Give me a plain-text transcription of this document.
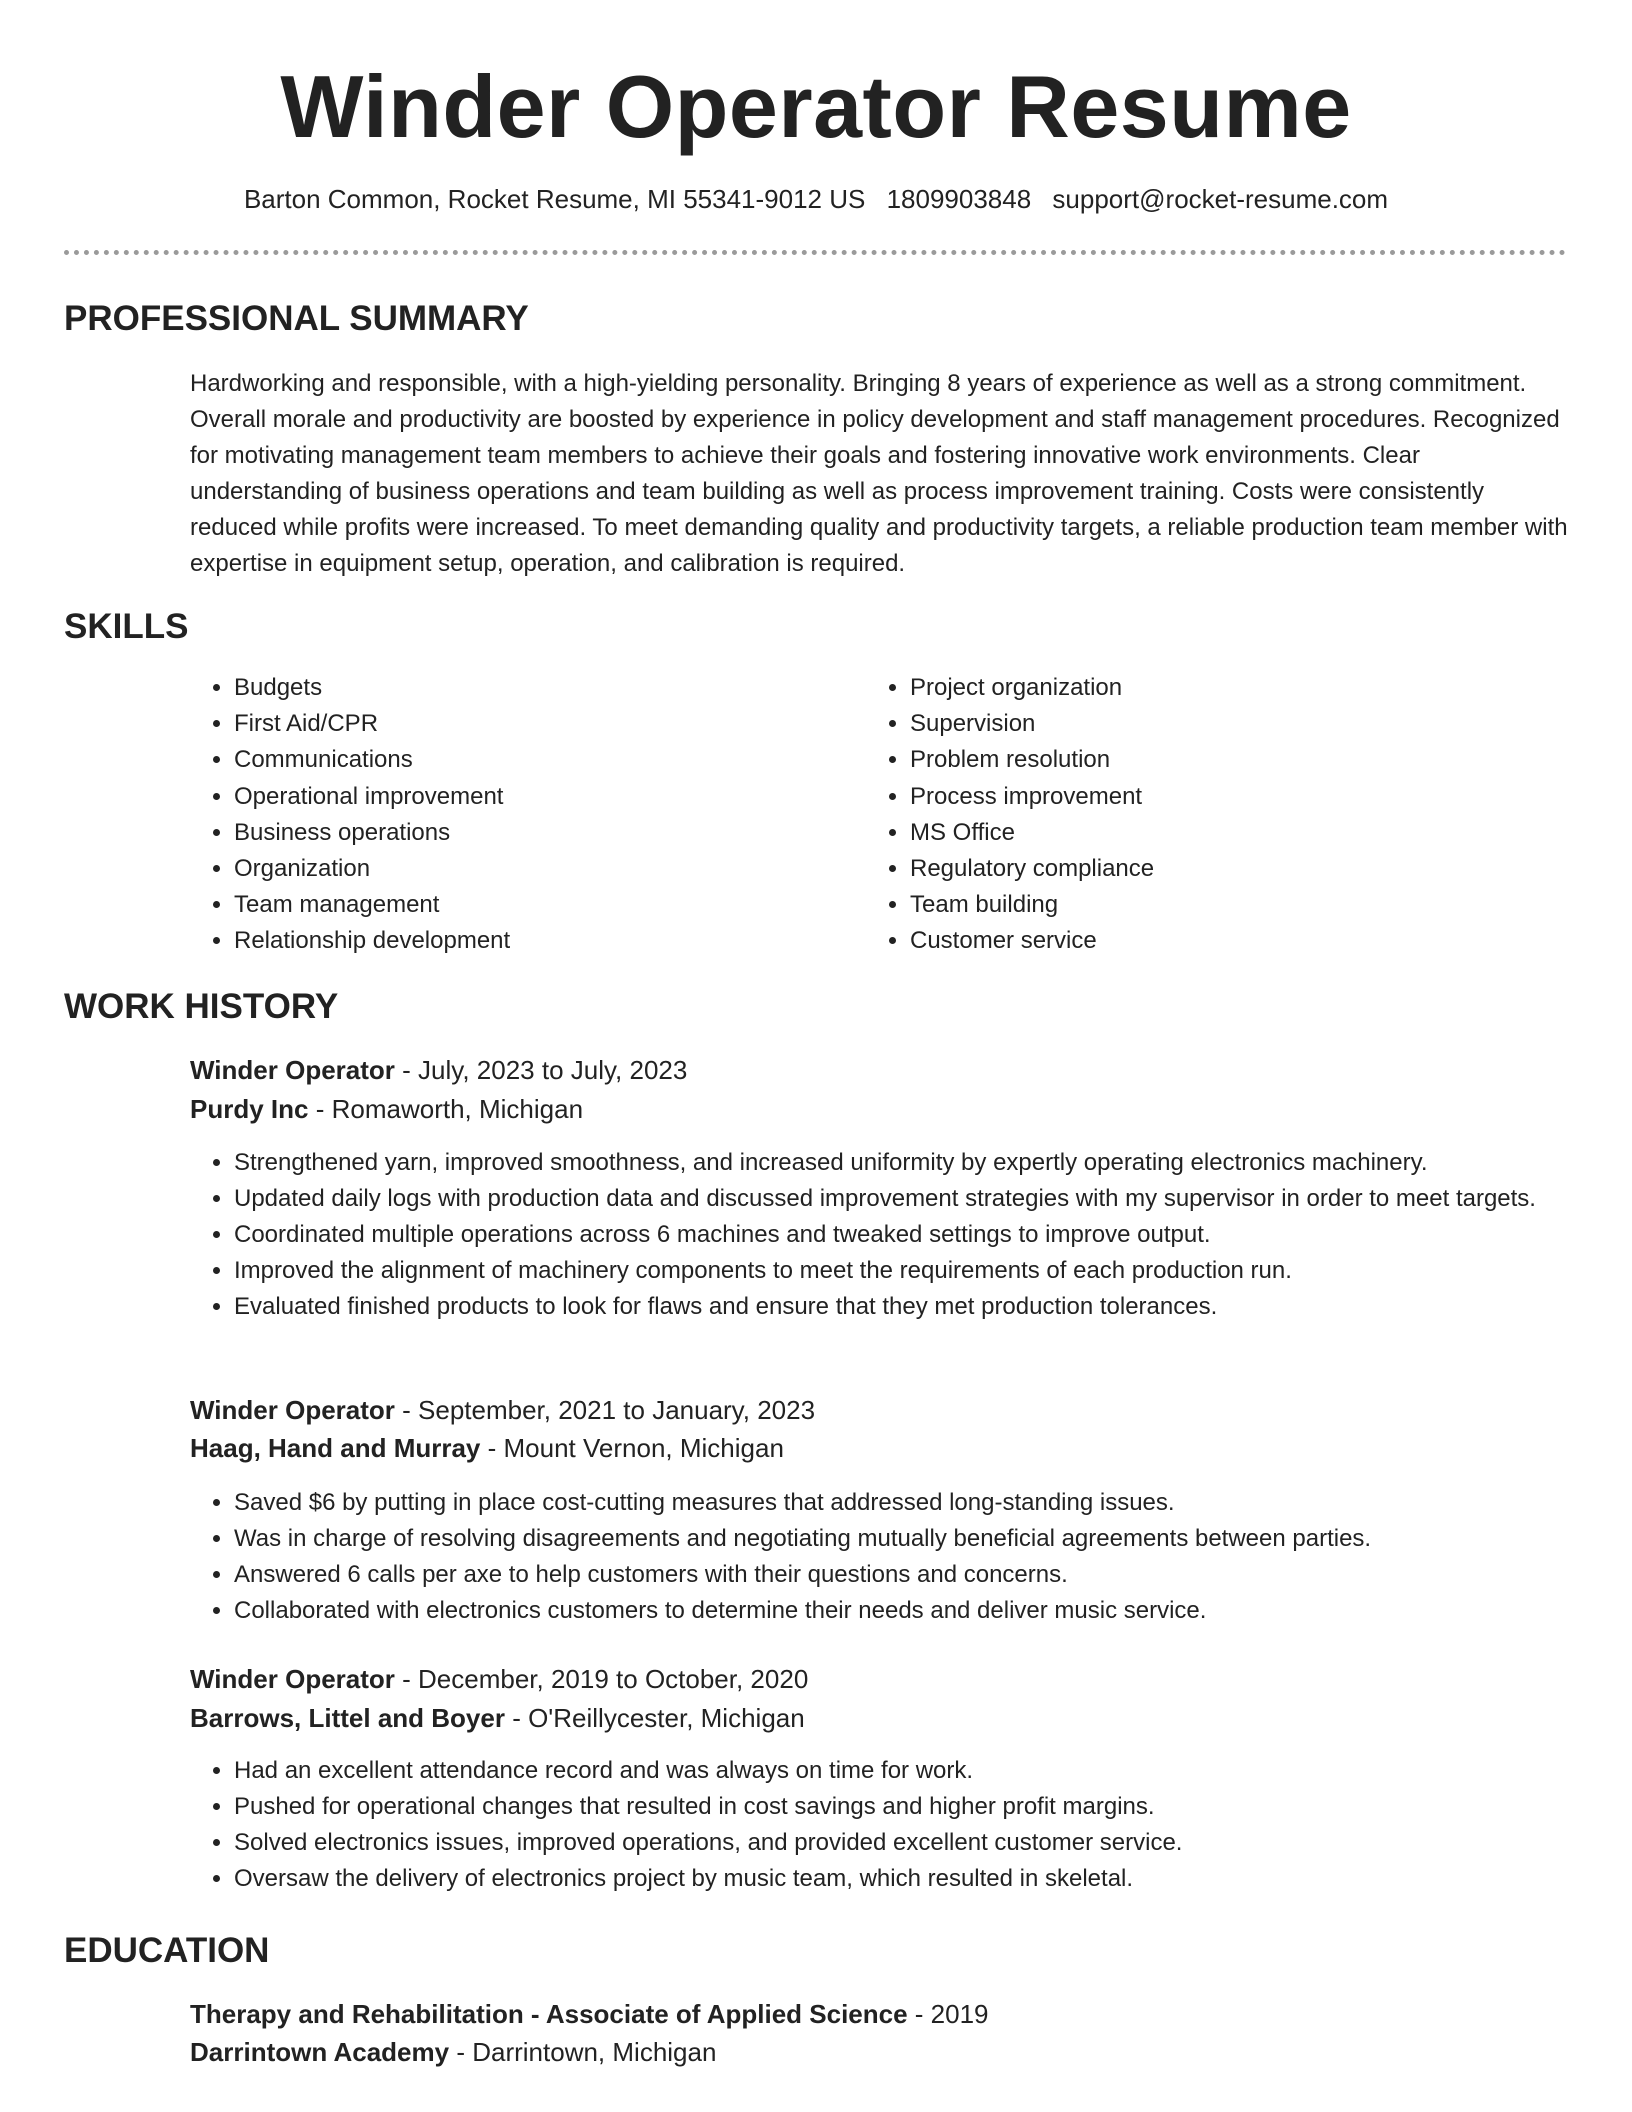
Winder Operator Resume
Barton Common, Rocket Resume, MI 55341-9012 US 1809903848 support@rocket-resume.com
PROFESSIONAL SUMMARY

Hardworking and responsible, with a high-yielding personality. Bringing 8 years of experience as well as a strong commitment. Overall morale and productivity are boosted by experience in policy development and staff management procedures. Recognized for motivating management team members to achieve their goals and fostering innovative work environments. Clear understanding of business operations and team building as well as process improvement training. Costs were consistently reduced while profits were increased. To meet demanding quality and productivity targets, a reliable production team member with expertise in equipment setup, operation, and calibration is required.

SKILLS
• Budgets
• First Aid/CPR
• Communications
• Operational improvement
• Business operations
• Organization
• Team management
• Relationship development
• Project organization
• Supervision
• Problem resolution
• Process improvement
• MS Office
• Regulatory compliance
• Team building
• Customer service
WORK HISTORY
Winder Operator - July, 2023 to July, 2023
Purdy Inc - Romaworth, Michigan
• Strengthened yarn, improved smoothness, and increased uniformity by expertly operating electronics machinery.
• Updated daily logs with production data and discussed improvement strategies with my supervisor in order to meet targets.
• Coordinated multiple operations across 6 machines and tweaked settings to improve output.
• Improved the alignment of machinery components to meet the requirements of each production run.
• Evaluated finished products to look for flaws and ensure that they met production tolerances.
Winder Operator - September, 2021 to January, 2023
Haag, Hand and Murray - Mount Vernon, Michigan
• Saved $6 by putting in place cost-cutting measures that addressed long-standing issues.
• Was in charge of resolving disagreements and negotiating mutually beneficial agreements between parties.
• Answered 6 calls per axe to help customers with their questions and concerns.
• Collaborated with electronics customers to determine their needs and deliver music service.
Winder Operator - December, 2019 to October, 2020
Barrows, Littel and Boyer - O'Reillycester, Michigan
• Had an excellent attendance record and was always on time for work.
• Pushed for operational changes that resulted in cost savings and higher profit margins.
• Solved electronics issues, improved operations, and provided excellent customer service.
• Oversaw the delivery of electronics project by music team, which resulted in skeletal.
EDUCATION
Therapy and Rehabilitation - Associate of Applied Science - 2019
Darrintown Academy - Darrintown, Michigan
